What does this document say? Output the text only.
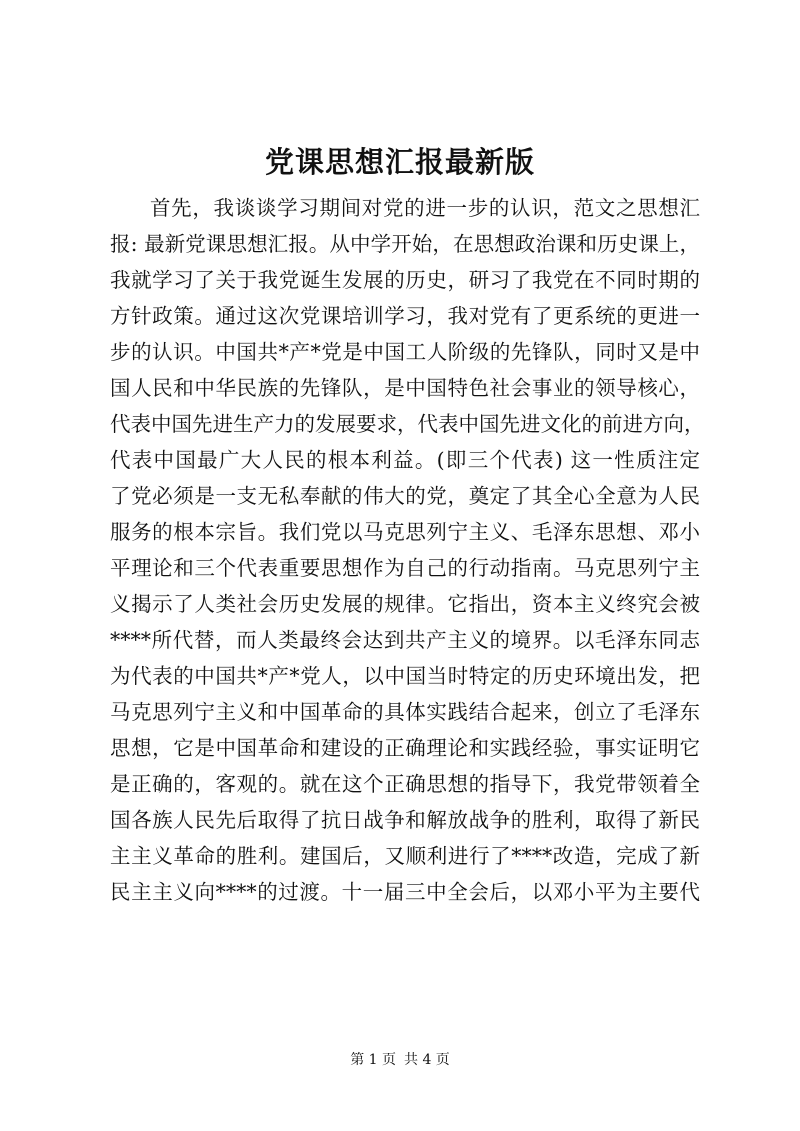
党课思想汇报最新版
首先，我谈谈学习期间对党的进一步的认识，范文之思想汇
报: 最新党课思想汇报。从中学开始，在思想政治课和历史课上，
我就学习了关于我党诞生发展的历史，研习了我党在不同时期的
方针政策。通过这次党课培训学习，我对党有了更系统的更进一
步的认识。中国共*产*党是中国工人阶级的先锋队，同时又是中
国人民和中华民族的先锋队，是中国特色社会事业的领导核心，
代表中国先进生产力的发展要求，代表中国先进文化的前进方向，
代表中国最广大人民的根本利益。(即三个代表) 这一性质注定
了党必须是一支无私奉献的伟大的党，奠定了其全心全意为人民
服务的根本宗旨。我们党以马克思列宁主义、毛泽东思想、邓小
平理论和三个代表重要思想作为自己的行动指南。马克思列宁主
义揭示了人类社会历史发展的规律。它指出，资本主义终究会被
****所代替，而人类最终会达到共产主义的境界。以毛泽东同志
为代表的中国共*产*党人，以中国当时特定的历史环境出发，把
马克思列宁主义和中国革命的具体实践结合起来，创立了毛泽东
思想，它是中国革命和建设的正确理论和实践经验，事实证明它
是正确的，客观的。就在这个正确思想的指导下，我党带领着全
国各族人民先后取得了抗日战争和解放战争的胜利，取得了新民
主主义革命的胜利。建国后，又顺利进行了****改造，完成了新
民主主义向****的过渡。十一届三中全会后，以邓小平为主要代
第 1 页 共 4 页
